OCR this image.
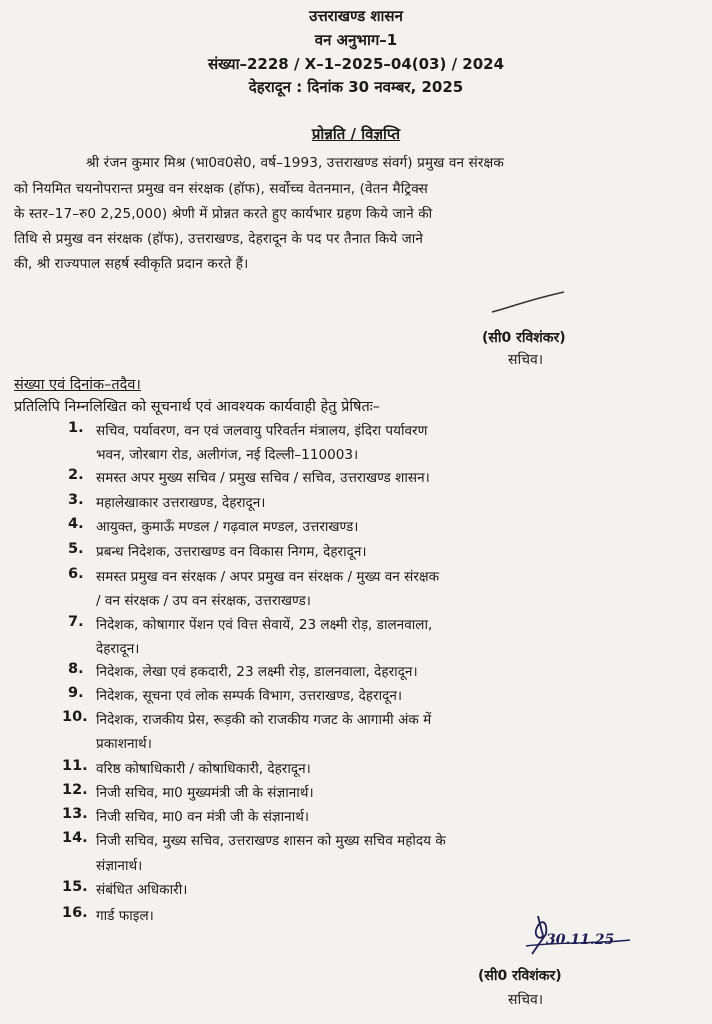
उत्तराखण्ड शासन
वन अनुभाग–1
संख्या–2228 / X–1–2025–04(03) / 2024
देहरादून : दिनांक 30 नवम्बर, 2025
प्रोन्नति / विज्ञप्ति
श्री रंजन कुमार मिश्र (भा0व0से0, वर्ष–1993, उत्तराखण्ड संवर्ग) प्रमुख वन संरक्षक
को नियमित चयनोपरान्त प्रमुख वन संरक्षक (हॉफ), सर्वोच्च वेतनमान, (वेतन मैट्रिक्स
के स्तर–17–रु0 2,25,000) श्रेणी में प्रोन्नत करते हुए कार्यभार ग्रहण किये जाने की
तिथि से प्रमुख वन संरक्षक (हॉफ), उत्तराखण्ड, देहरादून के पद पर तैनात किये जाने
की, श्री राज्यपाल सहर्ष स्वीकृति प्रदान करते हैं।
(सी0 रविशंकर)
सचिव।
संख्या एवं दिनांक–तदैव।
प्रतिलिपि निम्नलिखित को सूचनार्थ एवं आवश्यक कार्यवाही हेतु प्रेषितः–
1. सचिव, पर्यावरण, वन एवं जलवायु परिवर्तन मंत्रालय, इंदिरा पर्यावरण
भवन, जोरबाग रोड, अलीगंज, नई दिल्ली–110003।
2. समस्त अपर मुख्य सचिव / प्रमुख सचिव / सचिव, उत्तराखण्ड शासन।
3. महालेखाकार उत्तराखण्ड, देहरादून।
4. आयुक्त, कुमाऊँ मण्डल / गढ़वाल मण्डल, उत्तराखण्ड।
5. प्रबन्ध निदेशक, उत्तराखण्ड वन विकास निगम, देहरादून।
6. समस्त प्रमुख वन संरक्षक / अपर प्रमुख वन संरक्षक / मुख्य वन संरक्षक
/ वन संरक्षक / उप वन संरक्षक, उत्तराखण्ड।
7. निदेशक, कोषागार पेंशन एवं वित्त सेवायें, 23 लक्ष्मी रोड़, डालनवाला,
देहरादून।
8. निदेशक, लेखा एवं हकदारी, 23 लक्ष्मी रोड़, डालनवाला, देहरादून।
9. निदेशक, सूचना एवं लोक सम्पर्क विभाग, उत्तराखण्ड, देहरादून।
10. निदेशक, राजकीय प्रेस, रूड़की को राजकीय गजट के आगामी अंक में
प्रकाशनार्थ।
11. वरिष्ठ कोषाधिकारी / कोषाधिकारी, देहरादून।
12. निजी सचिव, मा0 मुख्यमंत्री जी के संज्ञानार्थ।
13. निजी सचिव, मा0 वन मंत्री जी के संज्ञानार्थ।
14. निजी सचिव, मुख्य सचिव, उत्तराखण्ड शासन को मुख्य सचिव महोदय के
संज्ञानार्थ।
15. संबंधित अधिकारी।
16. गार्ड फाइल।
30.11.25
(सी0 रविशंकर)
सचिव।
